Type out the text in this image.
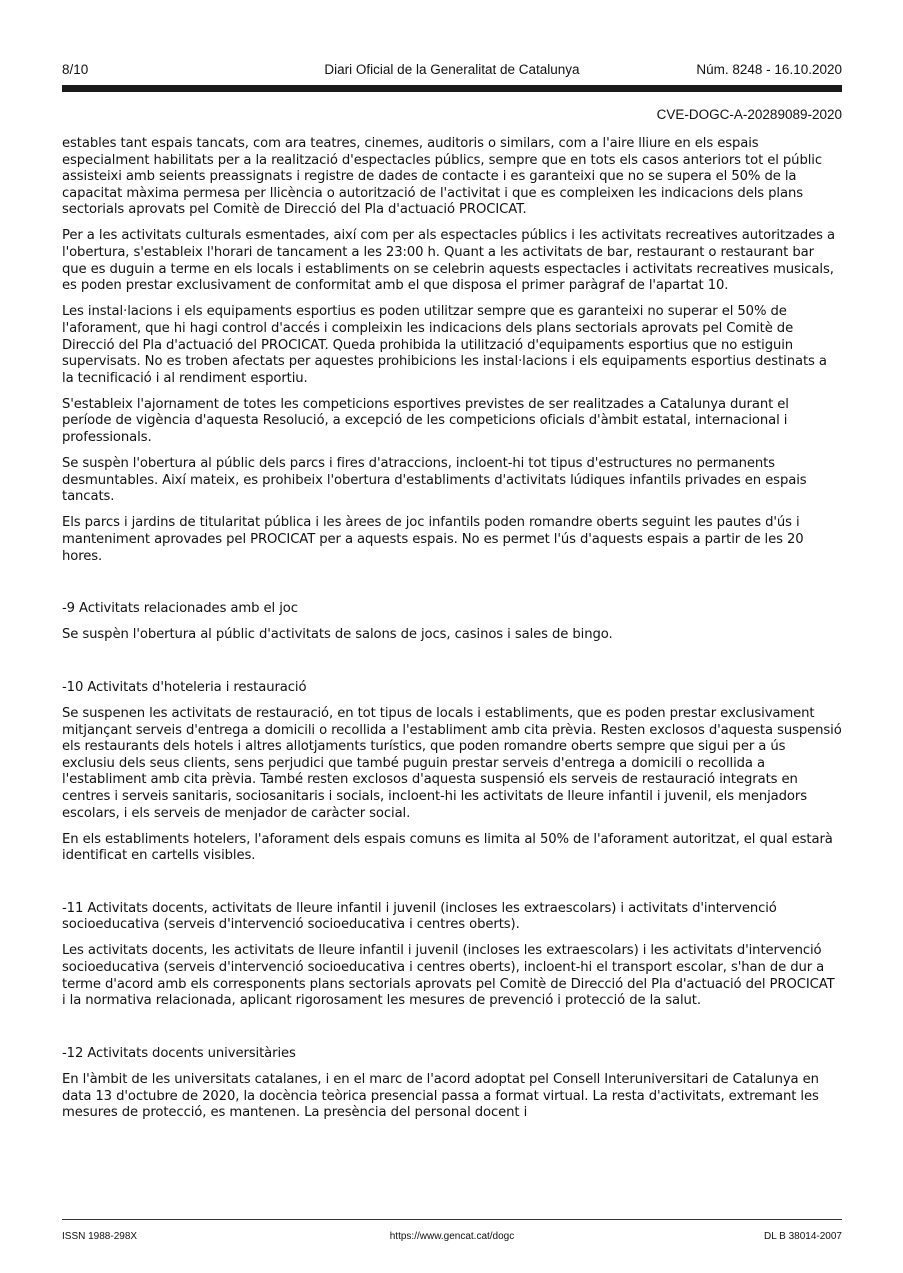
8/10	Diari Oficial de la Generalitat de Catalunya	Núm. 8248 - 16.10.2020
CVE-DOGC-A-20289089-2020

estables tant espais tancats, com ara teatres, cinemes, auditoris o similars, com a l'aire lliure en els espais especialment habilitats per a la realització d'espectacles públics, sempre que en tots els casos anteriors tot el públic assisteixi amb seients preassignats i registre de dades de contacte i es garanteixi que no se supera el 50% de la capacitat màxima permesa per llicència o autorització de l'activitat i que es compleixen les indicacions dels plans sectorials aprovats pel Comitè de Direcció del Pla d'actuació PROCICAT.

Per a les activitats culturals esmentades, així com per als espectacles públics i les activitats recreatives autoritzades a l'obertura, s'estableix l'horari de tancament a les 23:00 h. Quant a les activitats de bar, restaurant o restaurant bar que es duguin a terme en els locals i establiments on se celebrin aquests espectacles i activitats recreatives musicals, es poden prestar exclusivament de conformitat amb el que disposa el primer paràgraf de l'apartat 10.

Les instal·lacions i els equipaments esportius es poden utilitzar sempre que es garanteixi no superar el 50% de l'aforament, que hi hagi control d'accés i compleixin les indicacions dels plans sectorials aprovats pel Comitè de Direcció del Pla d'actuació del PROCICAT. Queda prohibida la utilització d'equipaments esportius que no estiguin supervisats. No es troben afectats per aquestes prohibicions les instal·lacions i els equipaments esportius destinats a la tecnificació i al rendiment esportiu.

S'estableix l'ajornament de totes les competicions esportives previstes de ser realitzades a Catalunya durant el període de vigència d'aquesta Resolució, a excepció de les competicions oficials d'àmbit estatal, internacional i professionals.

Se suspèn l'obertura al públic dels parcs i fires d'atraccions, incloent-hi tot tipus d'estructures no permanents desmuntables. Així mateix, es prohibeix l'obertura d'establiments d'activitats lúdiques infantils privades en espais tancats.

Els parcs i jardins de titularitat pública i les àrees de joc infantils poden romandre oberts seguint les pautes d'ús i manteniment aprovades pel PROCICAT per a aquests espais. No es permet l'ús d'aquests espais a partir de les 20 hores.

-9 Activitats relacionades amb el joc

Se suspèn l'obertura al públic d'activitats de salons de jocs, casinos i sales de bingo.

-10 Activitats d'hoteleria i restauració

Se suspenen les activitats de restauració, en tot tipus de locals i establiments, que es poden prestar exclusivament mitjançant serveis d'entrega a domicili o recollida a l'establiment amb cita prèvia. Resten exclosos d'aquesta suspensió els restaurants dels hotels i altres allotjaments turístics, que poden romandre oberts sempre que sigui per a ús exclusiu dels seus clients, sens perjudici que també puguin prestar serveis d'entrega a domicili o recollida a l'establiment amb cita prèvia. També resten exclosos d'aquesta suspensió els serveis de restauració integrats en centres i serveis sanitaris, sociosanitaris i socials, incloent-hi les activitats de lleure infantil i juvenil, els menjadors escolars, i els serveis de menjador de caràcter social.

En els establiments hotelers, l'aforament dels espais comuns es limita al 50% de l'aforament autoritzat, el qual estarà identificat en cartells visibles.

-11 Activitats docents, activitats de lleure infantil i juvenil (incloses les extraescolars) i activitats d'intervenció socioeducativa (serveis d'intervenció socioeducativa i centres oberts).

Les activitats docents, les activitats de lleure infantil i juvenil (incloses les extraescolars) i les activitats d'intervenció socioeducativa (serveis d'intervenció socioeducativa i centres oberts), incloent-hi el transport escolar, s'han de dur a terme d'acord amb els corresponents plans sectorials aprovats pel Comitè de Direcció del Pla d'actuació del PROCICAT i la normativa relacionada, aplicant rigorosament les mesures de prevenció i protecció de la salut.

-12 Activitats docents universitàries

En l'àmbit de les universitats catalanes, i en el marc de l'acord adoptat pel Consell Interuniversitari de Catalunya en data 13 d'octubre de 2020, la docència teòrica presencial passa a format virtual. La resta d'activitats, extremant les mesures de protecció, es mantenen. La presència del personal docent i

ISSN 1988-298X	https://www.gencat.cat/dogc	DL B 38014-2007
